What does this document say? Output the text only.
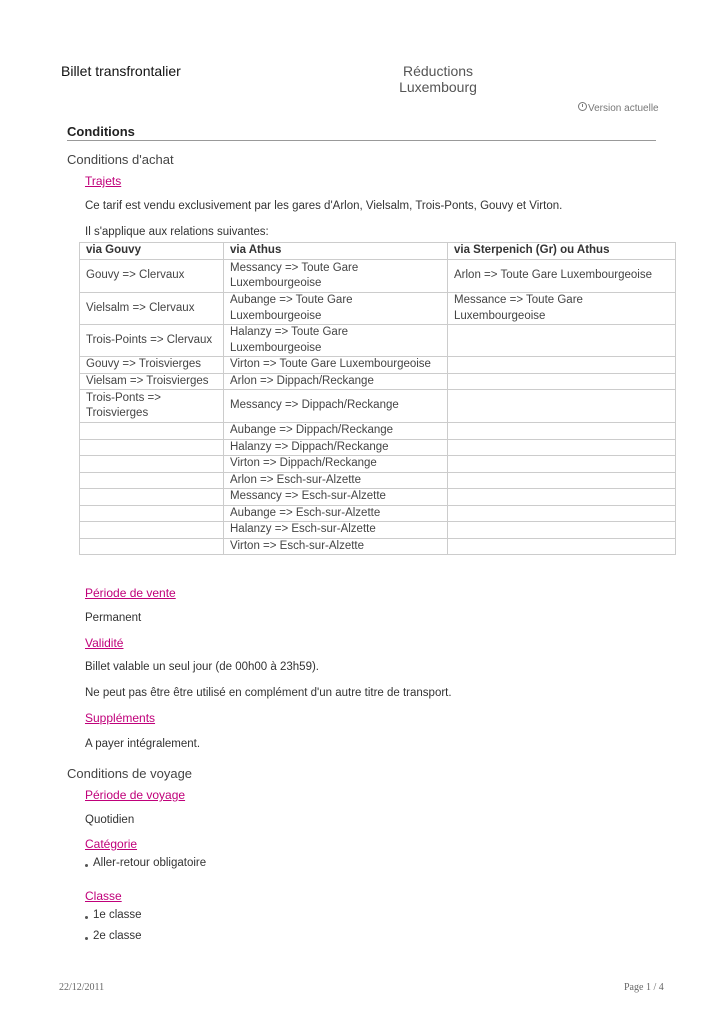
Billet transfrontalier	Réductions
Luxembourg
Version actuelle
Conditions
Conditions d'achat
Trajets
Ce tarif est vendu exclusivement par les gares d'Arlon, Vielsalm, Trois-Ponts, Gouvy et Virton.
Il s'applique aux relations suivantes:
via Gouvy	via Athus	via Sterpenich (Gr) ou Athus
Gouvy => Clervaux	Messancy => Toute Gare Luxembourgeoise	Arlon => Toute Gare Luxembourgeoise
Vielsalm => Clervaux	Aubange => Toute Gare Luxembourgeoise	Messance => Toute Gare Luxembourgeoise
Trois-Points => Clervaux	Halanzy => Toute Gare Luxembourgeoise	
Gouvy => Troisvierges	Virton => Toute Gare Luxembourgeoise	
Vielsam => Troisvierges	Arlon => Dippach/Reckange	
Trois-Ponts => Troisvierges	Messancy => Dippach/Reckange	
	Aubange => Dippach/Reckange	
	Halanzy => Dippach/Reckange	
	Virton => Dippach/Reckange	
	Arlon => Esch-sur-Alzette	
	Messancy => Esch-sur-Alzette	
	Aubange => Esch-sur-Alzette	
	Halanzy => Esch-sur-Alzette	
	Virton => Esch-sur-Alzette	
Période de vente
Permanent
Validité
Billet valable un seul jour (de 00h00 à 23h59).
Ne peut pas être être utilisé en complément d'un autre titre de transport.
Suppléments
A payer intégralement.
Conditions de voyage
Période de voyage
Quotidien
Catégorie
Aller-retour obligatoire
Classe
1e classe
2e classe
22/12/2011	Page 1 / 4
